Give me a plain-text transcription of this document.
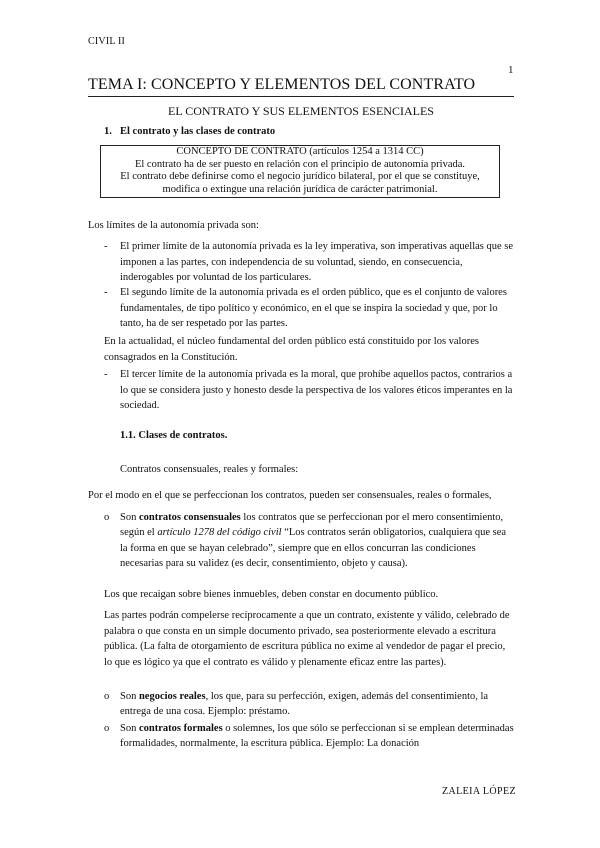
CIVIL II
1
TEMA I: CONCEPTO Y ELEMENTOS DEL CONTRATO
EL CONTRATO Y SUS ELEMENTOS ESENCIALES
1. El contrato y las clases de contrato
CONCEPTO DE CONTRATO (artículos 1254 a 1314 CC)
El contrato ha de ser puesto en relación con el principio de autonomía privada.
El contrato debe definirse como el negocio jurídico bilateral, por el que se constituye,
modifica o extingue una relación jurídica de carácter patrimonial.
Los límites de la autonomía privada son:
- El primer límite de la autonomía privada es la ley imperativa, son imperativas aquellas que se imponen a las partes, con independencia de su voluntad, siendo, en consecuencia, inderogables por voluntad de los particulares.
- El segundo límite de la autonomía privada es el orden público, que es el conjunto de valores fundamentales, de tipo político y económico, en el que se inspira la sociedad y que, por lo tanto, ha de ser respetado por las partes.
En la actualidad, el núcleo fundamental del orden público está constituido por los valores consagrados en la Constitución.
- El tercer límite de la autonomía privada es la moral, que prohíbe aquellos pactos, contrarios a lo que se considera justo y honesto desde la perspectiva de los valores éticos imperantes en la sociedad.
1.1. Clases de contratos.
Contratos consensuales, reales y formales:
Por el modo en el que se perfeccionan los contratos, pueden ser consensuales, reales o formales,
o Son contratos consensuales los contratos que se perfeccionan por el mero consentimiento, según el artículo 1278 del código civil “Los contratos serán obligatorios, cualquiera que sea la forma en que se hayan celebrado”, siempre que en ellos concurran las condiciones necesarias para su validez (es decir, consentimiento, objeto y causa).
Los que recaigan sobre bienes inmuebles, deben constar en documento público.
Las partes podrán compelerse recíprocamente a que un contrato, existente y válido, celebrado de palabra o que consta en un simple documento privado, sea posteriormente elevado a escritura pública. (La falta de otorgamiento de escritura pública no exime al vendedor de pagar el precio, lo que es lógico ya que el contrato es válido y plenamente eficaz entre las partes).
o Son negocios reales, los que, para su perfección, exigen, además del consentimiento, la entrega de una cosa. Ejemplo: préstamo.
o Son contratos formales o solemnes, los que sólo se perfeccionan si se emplean determinadas formalidades, normalmente, la escritura pública. Ejemplo: La donación
ZALEIA LÓPEZ
